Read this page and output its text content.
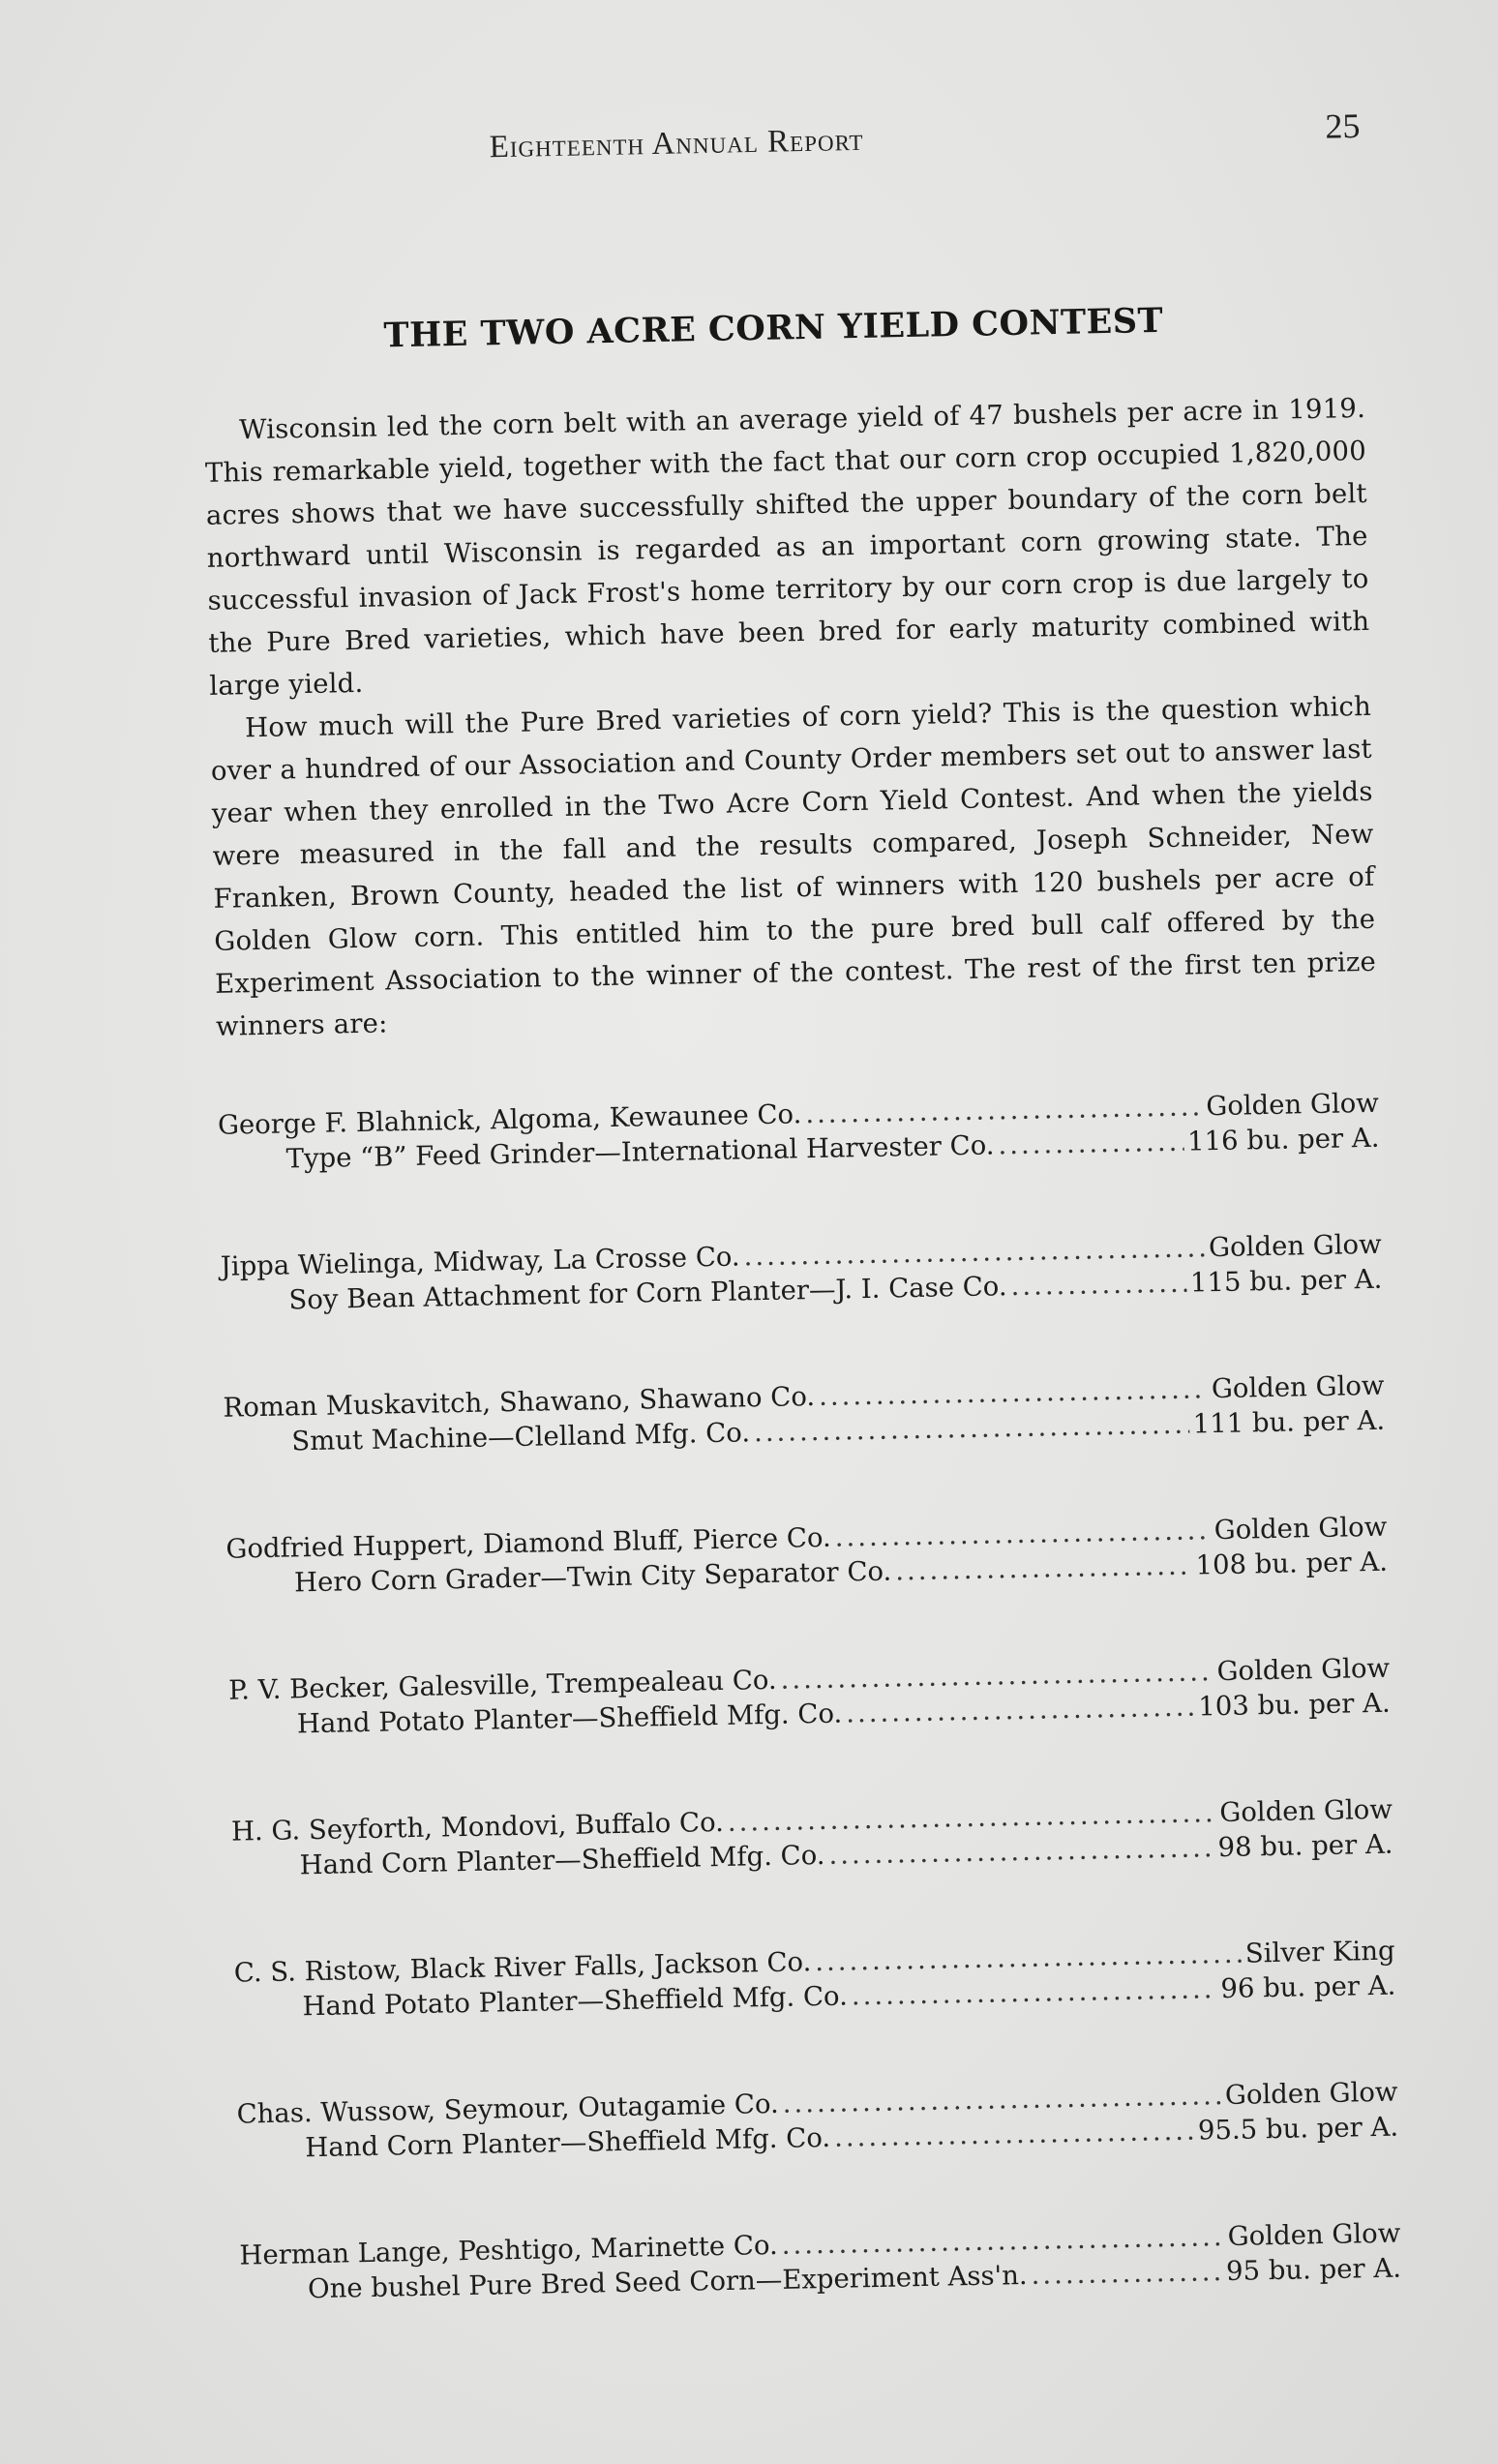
Eighteenth Annual Report	25
THE TWO ACRE CORN YIELD CONTEST

Wisconsin led the corn belt with an average yield of 47 bushels per acre in 1919. This remarkable yield, together with the fact that our corn crop occupied 1,820,000 acres shows that we have successfully shifted the upper boundary of the corn belt northward until Wisconsin is regarded as an important corn growing state. The successful invasion of Jack Frost's home territory by our corn crop is due largely to the Pure Bred varieties, which have been bred for early maturity combined with large yield.

How much will the Pure Bred varieties of corn yield? This is the question which over a hundred of our Association and County Order members set out to answer last year when they enrolled in the Two Acre Corn Yield Contest. And when the yields were measured in the fall and the results compared, Joseph Schneider, New Franken, Brown County, headed the list of winners with 120 bushels per acre of Golden Glow corn. This entitled him to the pure bred bull calf offered by the Experiment Association to the winner of the contest. The rest of the first ten prize winners are:

George F. Blahnick, Algoma, Kewaunee Co. .....	Golden Glow
Type “B” Feed Grinder—International Harvester Co. .....	116 bu. per A.
Jippa Wielinga, Midway, La Crosse Co. .....	Golden Glow
Soy Bean Attachment for Corn Planter—J. I. Case Co. .....	115 bu. per A.
Roman Muskavitch, Shawano, Shawano Co. .....	Golden Glow
Smut Machine—Clelland Mfg. Co. .....	111 bu. per A.
Godfried Huppert, Diamond Bluff, Pierce Co. .....	Golden Glow
Hero Corn Grader—Twin City Separator Co. .....	108 bu. per A.
P. V. Becker, Galesville, Trempealeau Co. .....	Golden Glow
Hand Potato Planter—Sheffield Mfg. Co. .....	103 bu. per A.
H. G. Seyforth, Mondovi, Buffalo Co. .....	Golden Glow
Hand Corn Planter—Sheffield Mfg. Co. .....	98 bu. per A.
C. S. Ristow, Black River Falls, Jackson Co. .....	Silver King
Hand Potato Planter—Sheffield Mfg. Co. .....	96 bu. per A.
Chas. Wussow, Seymour, Outagamie Co. .....	Golden Glow
Hand Corn Planter—Sheffield Mfg. Co. .....	95.5 bu. per A.
Herman Lange, Peshtigo, Marinette Co. .....	Golden Glow
One bushel Pure Bred Seed Corn—Experiment Ass'n. .....	95 bu. per A.
